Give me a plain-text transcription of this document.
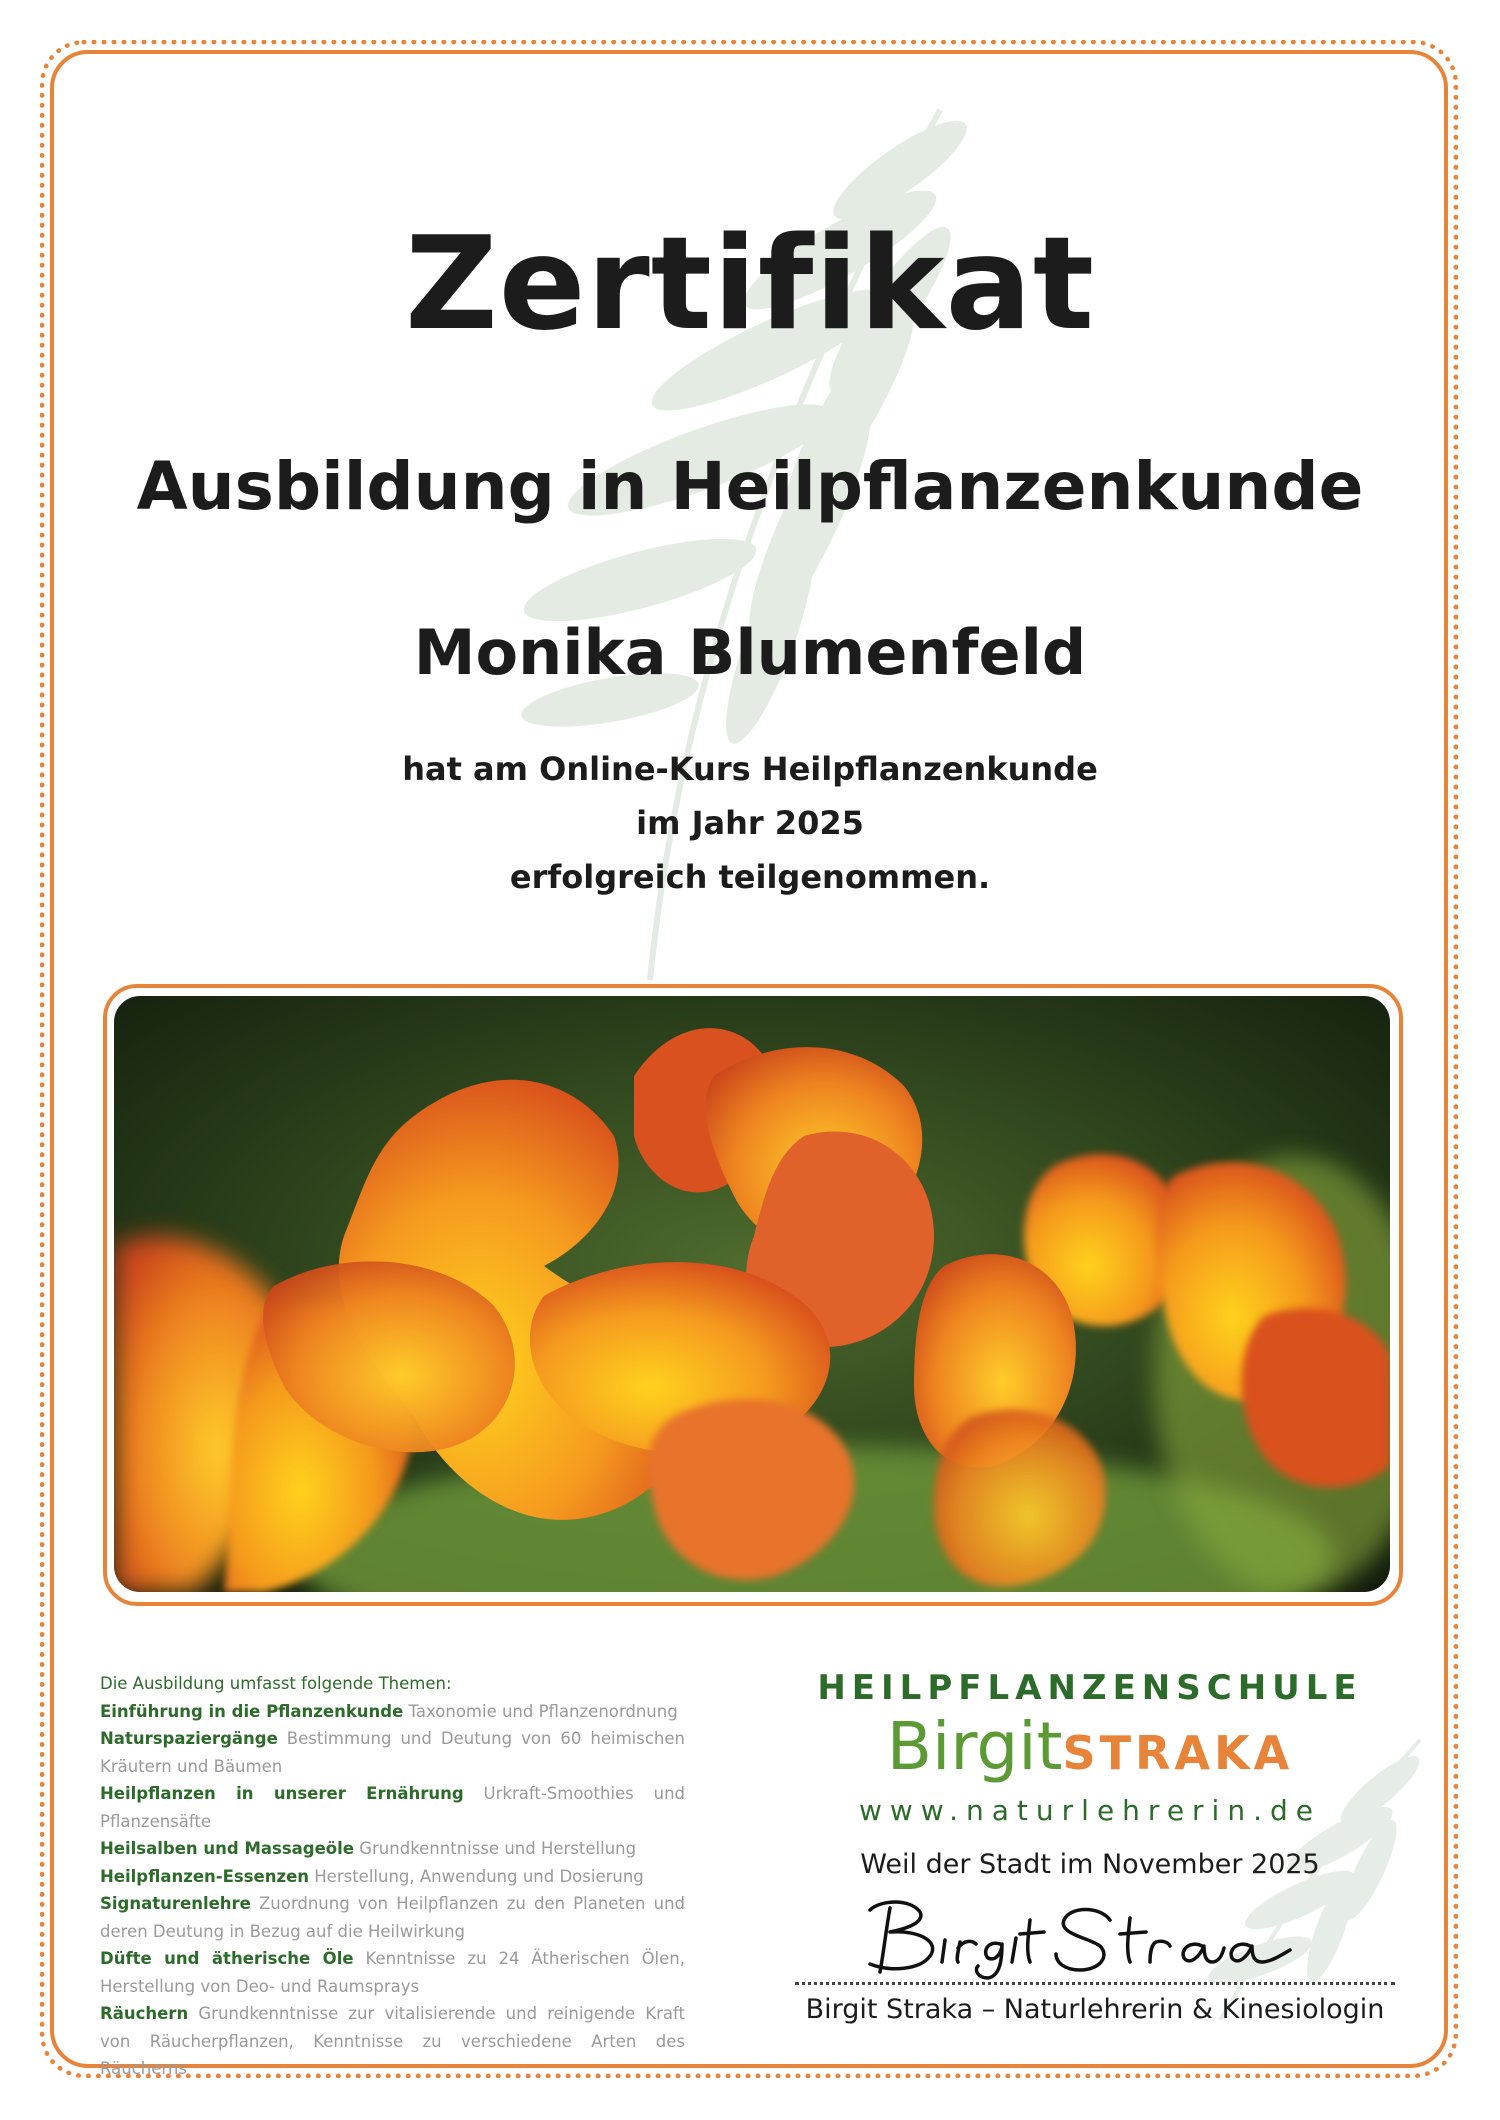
Zertifikat
Ausbildung in Heilpflanzenkunde
Monika Blumenfeld
hat am Online-Kurs Heilpflanzenkunde
im Jahr 2025
erfolgreich teilgenommen.

Die Ausbildung umfasst folgende Themen:

Einführung in die Pflanzenkunde Taxonomie und Pflanzenordnung

Naturspaziergänge Bestimmung und Deutung von 60 heimischen Kräutern und Bäumen

Heilpflanzen in unserer Ernährung Urkraft-Smoothies und Pflanzensäfte

Heilsalben und Massageöle Grundkenntnisse und Herstellung

Heilpflanzen-Essenzen Herstellung, Anwendung und Dosierung

Signaturenlehre Zuordnung von Heilpflanzen zu den Planeten und deren Deutung in Bezug auf die Heilwirkung

Düfte und ätherische Öle Kenntnisse zu 24 Ätherischen Ölen, Herstellung von Deo- und Raumsprays

Räuchern Grundkenntnisse zur vitalisierende und reinigende Kraft von Räucherpflanzen, Kenntnisse zu verschiedene Arten des Räucherns

HEILPFLANZENSCHULE
BirgitSTRAKA
www.naturlehrerin.de
Weil der Stadt im November 2025
Birgit Straka – Naturlehrerin & Kinesiologin
